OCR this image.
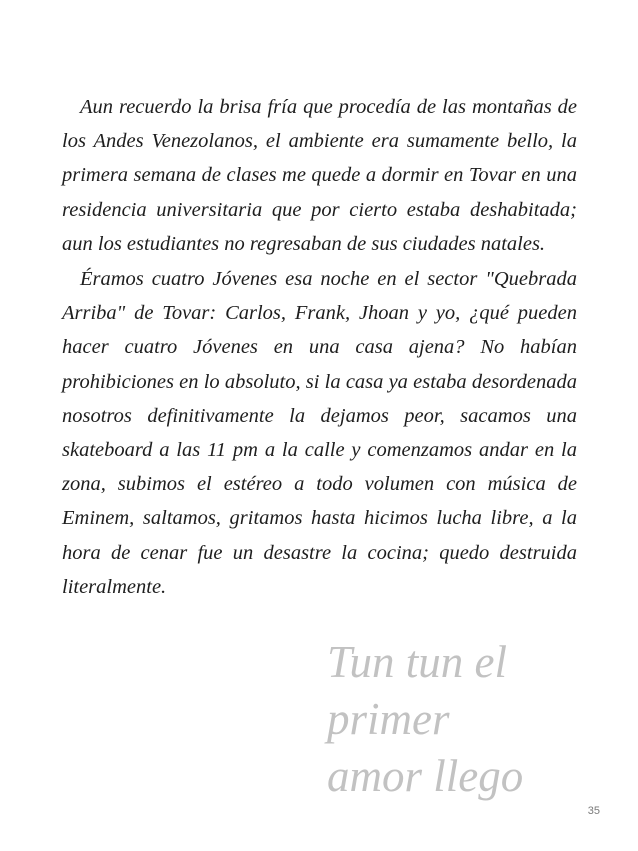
Aun recuerdo la brisa fría que procedía de las montañas de los Andes Venezolanos, el ambiente era sumamente bello, la primera semana de clases me quede a dormir en Tovar en una residencia universitaria que por cierto estaba deshabitada; aun los estudiantes no regresaban de sus ciudades natales.

Éramos cuatro Jóvenes esa noche en el sector "Quebrada Arriba" de Tovar: Carlos, Frank, Jhoan y yo, ¿qué pueden hacer cuatro Jóvenes en una casa ajena? No habían prohibiciones en lo absoluto, si la casa ya estaba desordenada nosotros definitivamente la dejamos peor, sacamos una skateboard a las 11 pm a la calle y comenzamos andar en la zona, subimos el estéreo a todo volumen con música de Eminem, saltamos, gritamos hasta hicimos lucha libre, a la hora de cenar fue un desastre la cocina; quedo destruida literalmente.

Tun tun el
primer
amor llego
35
